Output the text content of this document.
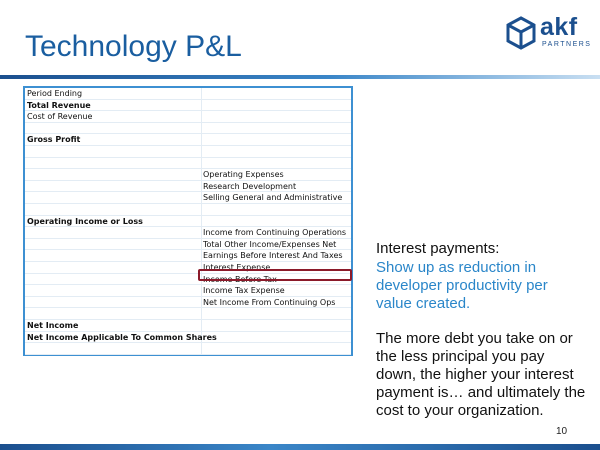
Technology P&L
akf
PARTNERS
Period Ending
Total Revenue
Cost of Revenue
Gross Profit
Operating Expenses
Research Development
Selling General and Administrative
Operating Income or Loss
Income from Continuing Operations
Total Other Income/Expenses Net
Earnings Before Interest And Taxes
Interest Expense
Income Before Tax
Income Tax Expense
Net Income From Continuing Ops
Net Income
Net Income Applicable To Common Shares
Interest payments:
Show up as reduction in developer productivity per value created.
The more debt you take on or the less principal you pay down, the higher your interest payment is… and ultimately the cost to your organization.
10
